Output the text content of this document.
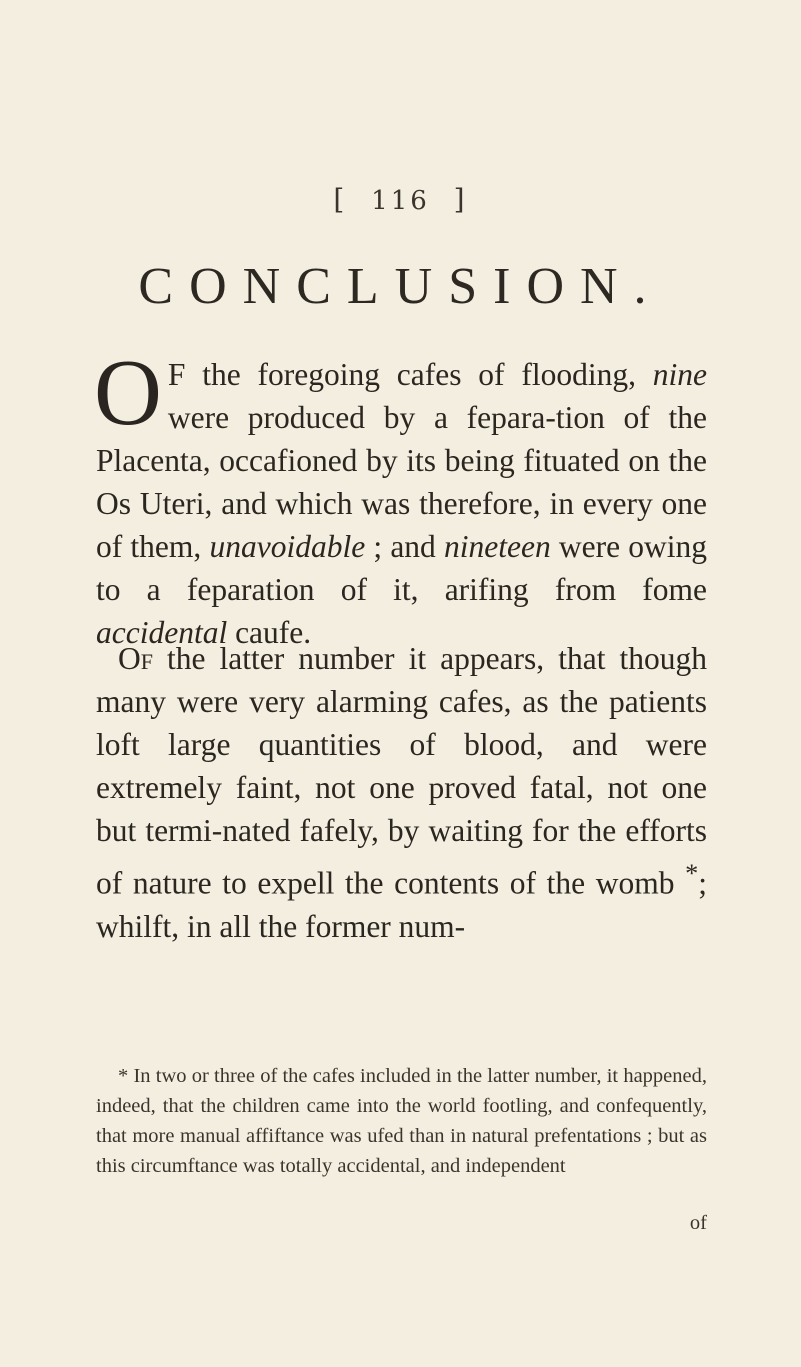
[ 116 ]
CONCLUSION.

O F the foregoing cafes of flooding, nine were produced by a fepara-tion of the Placenta, occafioned by its being fituated on the Os Uteri, and which was therefore, in every one of them, unavoidable ; and nineteen were owing to a feparation of it, arifing from fome accidental caufe.

Of the latter number it appears, that though many were very alarming cafes, as the patients loft large quantities of blood, and were extremely faint, not one proved fatal, not one but termi-nated fafely, by waiting for the efforts of nature to expell the contents of the womb *; whilft, in all the former num-

* In two or three of the cafes included in the latter number, it happened, indeed, that the children came into the world footling, and confequently, that more manual affiftance was ufed than in natural prefentations ; but as this circumftance was totally accidental, and independent

of
